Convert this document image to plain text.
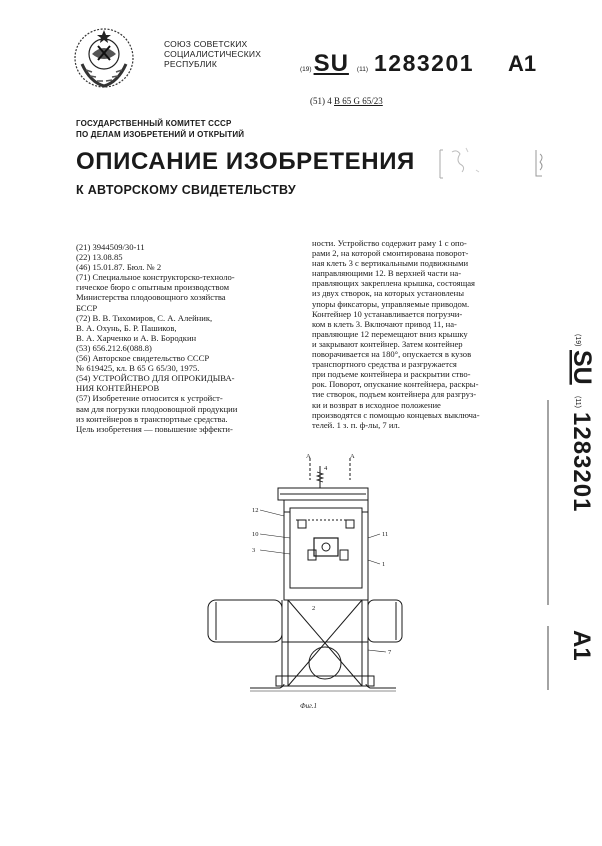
СОЮЗ СОВЕТСКИХ
СОЦИАЛИСТИЧЕСКИХ
РЕСПУБЛИК
(19) SU (11) 1283201 A1
(51) 4 B 65 G 65/23
ГОСУДАРСТВЕННЫЙ КОМИТЕТ СССР
ПО ДЕЛАМ ИЗОБРЕТЕНИЙ И ОТКРЫТИЙ
ОПИСАНИЕ ИЗОБРЕТЕНИЯ
К АВТОРСКОМУ СВИДЕТЕЛЬСТВУ
(21) 3944509/30-11
(22) 13.08.85
(46) 15.01.87. Бюл. № 2
(71) Специальное конструкторско-техноло-
гическое бюро с опытным производством
Министерства плодоовощного хозяйства
БССР
(72) В. В. Тихомиров, С. А. Алейник,
В. А. Охунь, Б. Р. Пашиков,
В. А. Харченко и А. В. Бородкин
(53) 656.212.6(088.8)
(56) Авторское свидетельство СССР
№ 619425, кл. В 65 G 65/30, 1975.
(54) УСТРОЙСТВО ДЛЯ ОПРОКИДЫВА-
НИЯ КОНТЕЙНЕРОВ
(57) Изобретение относится к устройст-
вам для погрузки плодоовощной продукции
из контейнеров в транспортные средства.
Цель изобретения — повышение эффекти-
ности. Устройство содержит раму 1 с опо-
рами 2, на которой смонтирована поворот-
ная клеть 3 с вертикальными подвижными
направляющими 12. В верхней части на-
правляющих закреплена крышка, состоящая
из двух створок, на которых установлены
упоры фиксаторы, управляемые приводом.
Контейнер 10 устанавливается погрузчи-
ком в клеть 3. Включают привод 11, на-
правляющие 12 перемещают вниз крышку
и закрывают контейнер. Затем контейнер
поворачивается на 180°, опускается в кузов
транспортного средства и разгружается
при подъеме контейнера и раскрытии ство-
рок. Поворот, опускание контейнера, раскры-
тие створок, подъем контейнера для разгруз-
ки и возврат в исходное положение
производятся с помощью концевых выключа-
телей. 1 з. п. ф-лы, 7 ил.
(19)
SU
(11)
1283201
A1
A	A
4
12
10
3
11
1
2
7
Фиг.1
